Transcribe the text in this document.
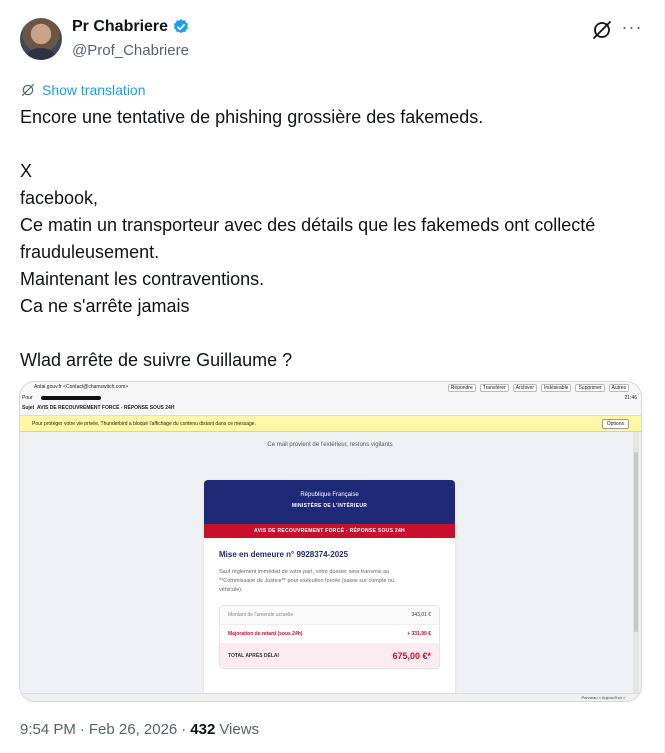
Pr Chabriere
@Prof_Chabriere
···
Show translation
Encore une tentative de phishing grossière des fakemeds.
X
facebook,
Ce matin un transporteur avec des détails que les fakemeds ont collecté
frauduleusement.
Maintenant les contraventions.
Ca ne s'arrête jamais
Wlad arrête de suivre Guillaume ?
Antai.gouv.fr <Contact@chamswitch.com>	Répondre	Transférer	Archiver	Indésirable	Supprimer	Autres
Pour	21:46
Sujet AVIS DE RECOUVREMENT FORCÉ - RÉPONSE SOUS 24H
Pour protéger votre vie privée, Thunderbird a bloqué l'affichage du contenu distant dans ce message.	Options
Ce mail provient de l'extérieur, restons vigilants
République Française
MINISTÈRE DE L'INTÉRIEUR
AVIS DE RECOUVREMENT FORCÉ - RÉPONSE SOUS 24H
Mise en demeure n° 9928374-2025
Sauf règlement immédiat de votre part, votre dossier sera transmis au **Commissaire de Justice** pour exécution forcée (saisie sur compte ou véhicule).
Montant de l'amende actuelle	343,01 €
Majoration de retard (sous 24h)	+ 331,99 €
TOTAL APRÈS DÉLAI	675,00 €*
Panneau » Aujourd'hui »
9:54 PM · Feb 26, 2026 · 432 Views
